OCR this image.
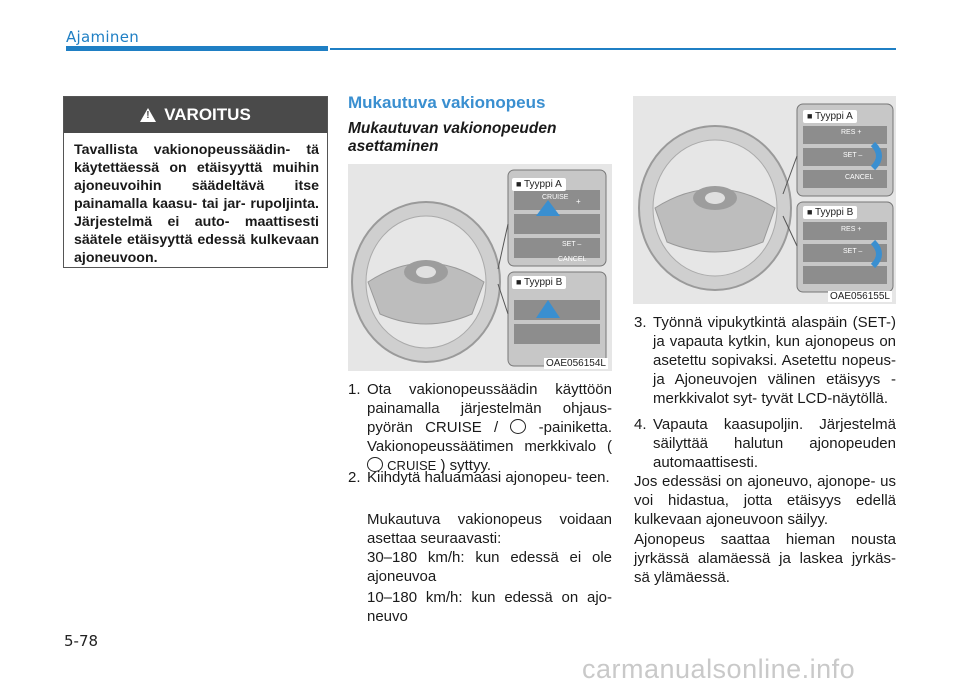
Ajaminen
!
VAROITUS
Tavallista vakionopeussäädin- tä käytettäessä on etäisyyttä muihin ajoneuvoihin säädeltävä itse painamalla kaasu- tai jar- rupoljinta. Järjestelmä ei auto- maattisesti säätele etäisyyttä edessä kulkevaan ajoneuvoon.
Mukautuva vakionopeus
Mukautuvan vakionopeuden asettaminen
■ Tyyppi A
■ Tyyppi B
CRUISE +
SET –
CANCEL
OAE056154L
■ Tyyppi A
■ Tyyppi B
RES +
SET –
CANCEL
RES +
SET –
OAE056155L
1. Ota vakionopeussäädin käyttöön painamalla järjestelmän ohjaus- pyörän CRUISE /	-painiketta. Vakionopeussäätimen merkkivalo (  CRUISE ) syttyy.
2. Kiihdytä haluamaasi ajonopeu- teen.
Mukautuva vakionopeus voidaan asettaa seuraavasti:
30–180 km/h: kun edessä ei ole ajoneuvoa
10–180 km/h: kun edessä on ajo- neuvo
3. Työnnä vipukytkintä alaspäin (SET-) ja vapauta kytkin, kun ajonopeus on asetettu sopivaksi. Asetettu nopeus- ja Ajoneuvojen välinen etäisyys -merkkivalot syt- tyvät LCD-näytöllä.
4. Vapauta kaasupoljin. Järjestelmä säilyttää halutun ajonopeuden automaattisesti.
Jos edessäsi on ajoneuvo, ajonope- us voi hidastua, jotta etäisyys edellä kulkevaan ajoneuvoon säilyy.
Ajonopeus saattaa hieman nousta jyrkässä alamäessä ja laskea jyrkäs- sä ylämäessä.
5-78
carmanualsonline.info
